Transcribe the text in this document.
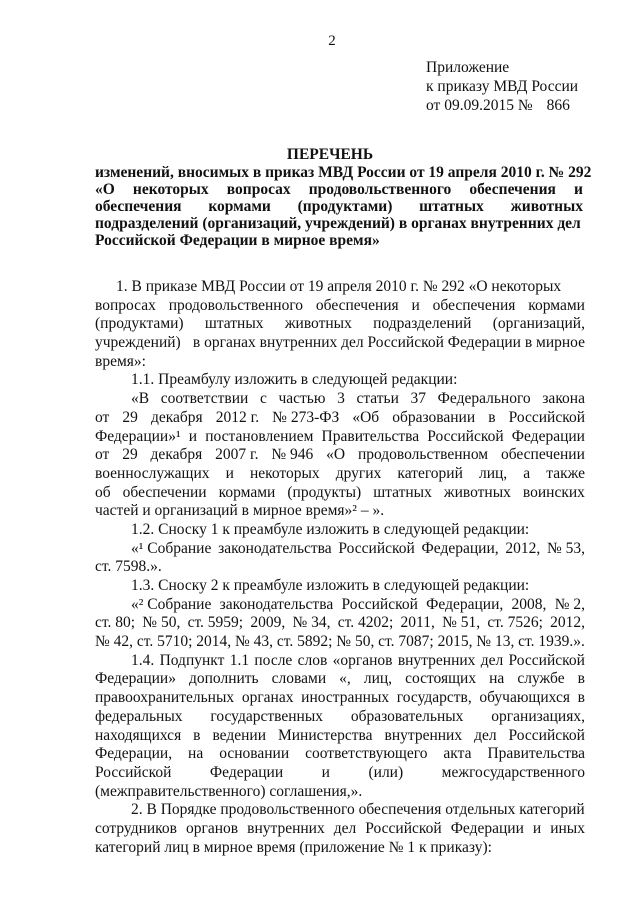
2
Приложение
к приказу МВД России
от 09.09.2015 № 866
ПЕРЕЧЕНЬ
изменений, вносимых в приказ МВД России от 19 апреля 2010 г. № 292
«О некоторых вопросах продовольственного обеспечения и
обеспечения кормами (продуктами) штатных животных
подразделений (организаций, учреждений) в органах внутренних дел
Российской Федерации в мирное время»
1. В приказе МВД России от 19 апреля 2010 г. № 292 «О некоторых
вопросах продовольственного обеспечения и обеспечения кормами
(продуктами) штатных животных подразделений (организаций,
учреждений) в органах внутренних дел Российской Федерации в мирное
время»:
1.1. Преамбулу изложить в следующей редакции:
«В соответствии с частью 3 статьи 37 Федерального закона
от 29 декабря 2012 г. № 273-ФЗ «Об образовании в Российской
Федерации»¹ и постановлением Правительства Российской Федерации
от 29 декабря 2007 г. № 946 «О продовольственном обеспечении
военнослужащих и некоторых других категорий лиц, а также
об обеспечении кормами (продукты) штатных животных воинских
частей и организаций в мирное время»² – ».
1.2. Сноску 1 к преамбуле изложить в следующей редакции:
«¹ Собрание законодательства Российской Федерации, 2012, № 53,
ст. 7598.».
1.3. Сноску 2 к преамбуле изложить в следующей редакции:
«² Собрание законодательства Российской Федерации, 2008, № 2,
ст. 80; № 50, ст. 5959; 2009, № 34, ст. 4202; 2011, № 51, ст. 7526; 2012,
№ 42, ст. 5710; 2014, № 43, ст. 5892; № 50, ст. 7087; 2015, № 13, ст. 1939.».
1.4. Подпункт 1.1 после слов «органов внутренних дел Российской
Федерации» дополнить словами «, лиц, состоящих на службе в
правоохранительных органах иностранных государств, обучающихся в
федеральных государственных образовательных организациях,
находящихся в ведении Министерства внутренних дел Российской
Федерации, на основании соответствующего акта Правительства
Российской Федерации и (или) межгосударственного
(межправительственного) соглашения,».
2. В Порядке продовольственного обеспечения отдельных категорий
сотрудников органов внутренних дел Российской Федерации и иных
категорий лиц в мирное время (приложение № 1 к приказу):
